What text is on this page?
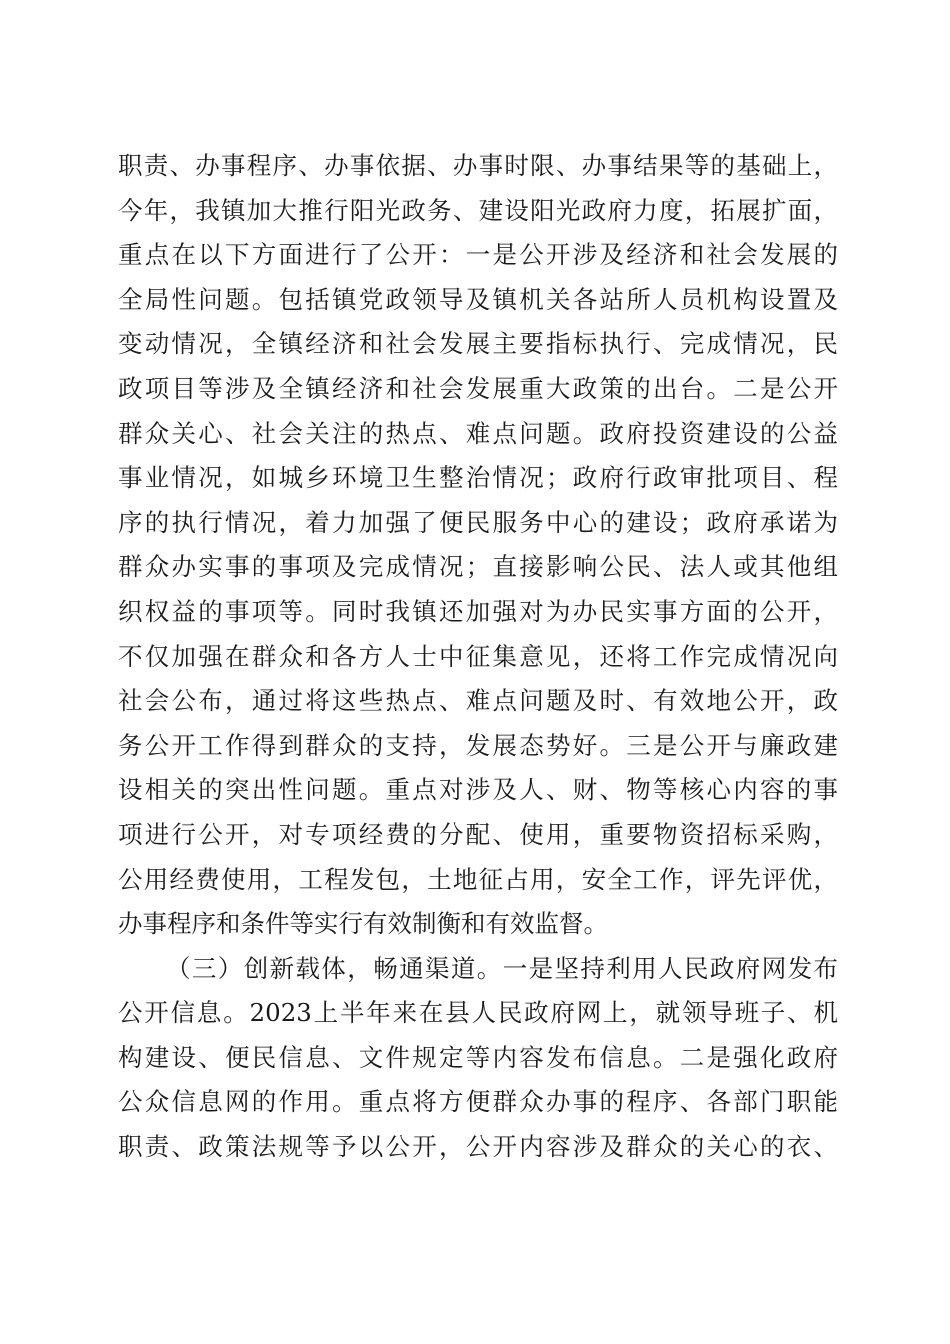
职责、办事程序、办事依据、办事时限、办事结果等的基础上，
今年，我镇加大推行阳光政务、建设阳光政府力度，拓展扩面，
重点在以下方面进行了公开：一是公开涉及经济和社会发展的
全局性问题。包括镇党政领导及镇机关各站所人员机构设置及
变动情况，全镇经济和社会发展主要指标执行、完成情况，民
政项目等涉及全镇经济和社会发展重大政策的出台。二是公开
群众关心、社会关注的热点、难点问题。政府投资建设的公益
事业情况，如城乡环境卫生整治情况；政府行政审批项目、程
序的执行情况，着力加强了便民服务中心的建设；政府承诺为
群众办实事的事项及完成情况；直接影响公民、法人或其他组
织权益的事项等。同时我镇还加强对为办民实事方面的公开，
不仅加强在群众和各方人士中征集意见，还将工作完成情况向
社会公布，通过将这些热点、难点问题及时、有效地公开，政
务公开工作得到群众的支持，发展态势好。三是公开与廉政建
设相关的突出性问题。重点对涉及人、财、物等核心内容的事
项进行公开，对专项经费的分配、使用，重要物资招标采购，
公用经费使用，工程发包，土地征占用，安全工作，评先评优，
办事程序和条件等实行有效制衡和有效监督。
（三）创新载体，畅通渠道。一是坚持利用人民政府网发布
公开信息。2023上半年来在县人民政府网上，就领导班子、机
构建设、便民信息、文件规定等内容发布信息。二是强化政府
公众信息网的作用。重点将方便群众办事的程序、各部门职能
职责、政策法规等予以公开，公开内容涉及群众的关心的衣、
